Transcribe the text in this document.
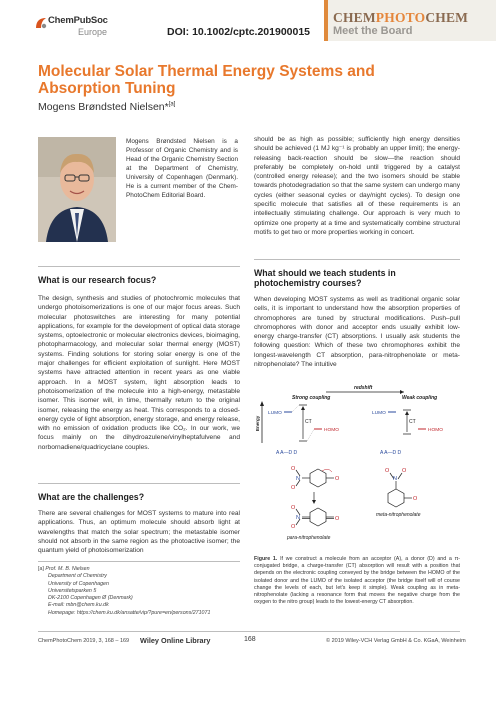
ChemPubSoc
Europe	DOI: 10.1002/cptc.201900015
CHEMPHOTOCHEM
Meet the Board
Molecular Solar Thermal Energy Systems and Absorption Tuning
Mogens Brøndsted Nielsen*[a]
Mogens Brøndsted Nielsen is a Professor of Organic Chemistry and is Head of the Organic Chemistry Section at the Department of Chemistry, University of Copenhagen (Denmark). He is a current member of the Chem-PhotoChem Editorial Board.
What is our research focus?
The design, synthesis and studies of photochromic molecules that undergo photoisomerizations is one of our major focus areas. Such molecular photoswitches are interesting for many potential applications, for example for the development of optical data storage systems, optoelectronic or molecular electronics devices, bioimaging, photopharmacology, and molecular solar thermal energy (MOST) systems. Finding solutions for storing solar energy is one of the major challenges for efficient exploitation of sunlight. Here MOST systems have attracted attention in recent years as one viable approach. In a MOST system, light absorption leads to photoisomerization of the molecule into a high-energy, metastable isomer. This isomer will, in time, thermally return to the original isomer, releasing the energy as heat. This corresponds to a closed-energy cycle of light absorption, energy storage, and energy release, with no emission of oxidation products like CO₂. In our work, we focus mainly on the dihydroazulene/vinylheptafulvene and norbornadiene/quadricyclane couples.
What are the challenges?
There are several challenges for MOST systems to mature into real applications. Thus, an optimum molecule should absorb light at wavelengths that match the solar spectrum; the metastable isomer should not absorb in the same region as the photoactive isomer; the quantum yield of photoisomerization
[a] Prof. M. B. Nielsen
Department of Chemistry
University of Copenhagen
Universitetsparken 5
DK-2100 Copenhagen Ø (Denmark)
E-mail: mbn@chem.ku.dk
Homepage: https://chem.ku.dk/ansatte/vip/?pure=en/persons/271071
should be as high as possible; sufficiently high energy densities should be achieved (1 MJ kg⁻¹ is probably an upper limit); the energy-releasing back-reaction should be slow—the reaction should preferably be completely on-hold until triggered by a catalyst (controlled energy release); and the two isomers should be stable towards photodegradation so that the same system can undergo many cycles (either seasonal cycles or day/night cycles). To design one specific molecule that satisfies all of these requirements is an intellectually stimulating challenge. Our approach is very much to optimize one property at a time and systematically combine structural motifs to get two or more properties working in concert.
What should we teach students in photochemistry courses?
When developing MOST systems as well as traditional organic solar cells, it is important to understand how the absorption properties of chromophores are tuned by structural modifications. Push–pull chromophores with donor and acceptor ends usually exhibit low-energy charge-transfer (CT) absorptions. I usually ask students the following question: Which of these two chromophores exhibit the longest-wavelength CT absorption, para-nitrophenolate or meta-nitrophenolate? The intuitive
redshift
Strong coupling	Weak coupling
Energy
LUMO
HOMO
CT
A A—D D
LUMO
HOMO
CT
A A—D D
O
N
O
O
O
N
O
O
para-nitrophenolate
O
N
O O
meta-nitrophenolate
Figure 1. If we construct a molecule from an acceptor (A), a donor (D) and a π-conjugated bridge, a charge-transfer (CT) absorption will result with a position that depends on the electronic coupling conveyed by the bridge between the HOMO of the isolated donor and the LUMO of the isolated acceptor (the bridge itself will of course change the levels of each, but let's keep it simple). Weak coupling as in meta-nitrophenolate (lacking a resonance form that moves the negative charge from the oxygen to the nitro group) leads to the lowest-energy CT absorption.
ChemPhotoChem 2019, 3, 168 – 169 Wiley Online Library	168	© 2019 Wiley-VCH Verlag GmbH & Co. KGaA, Weinheim
